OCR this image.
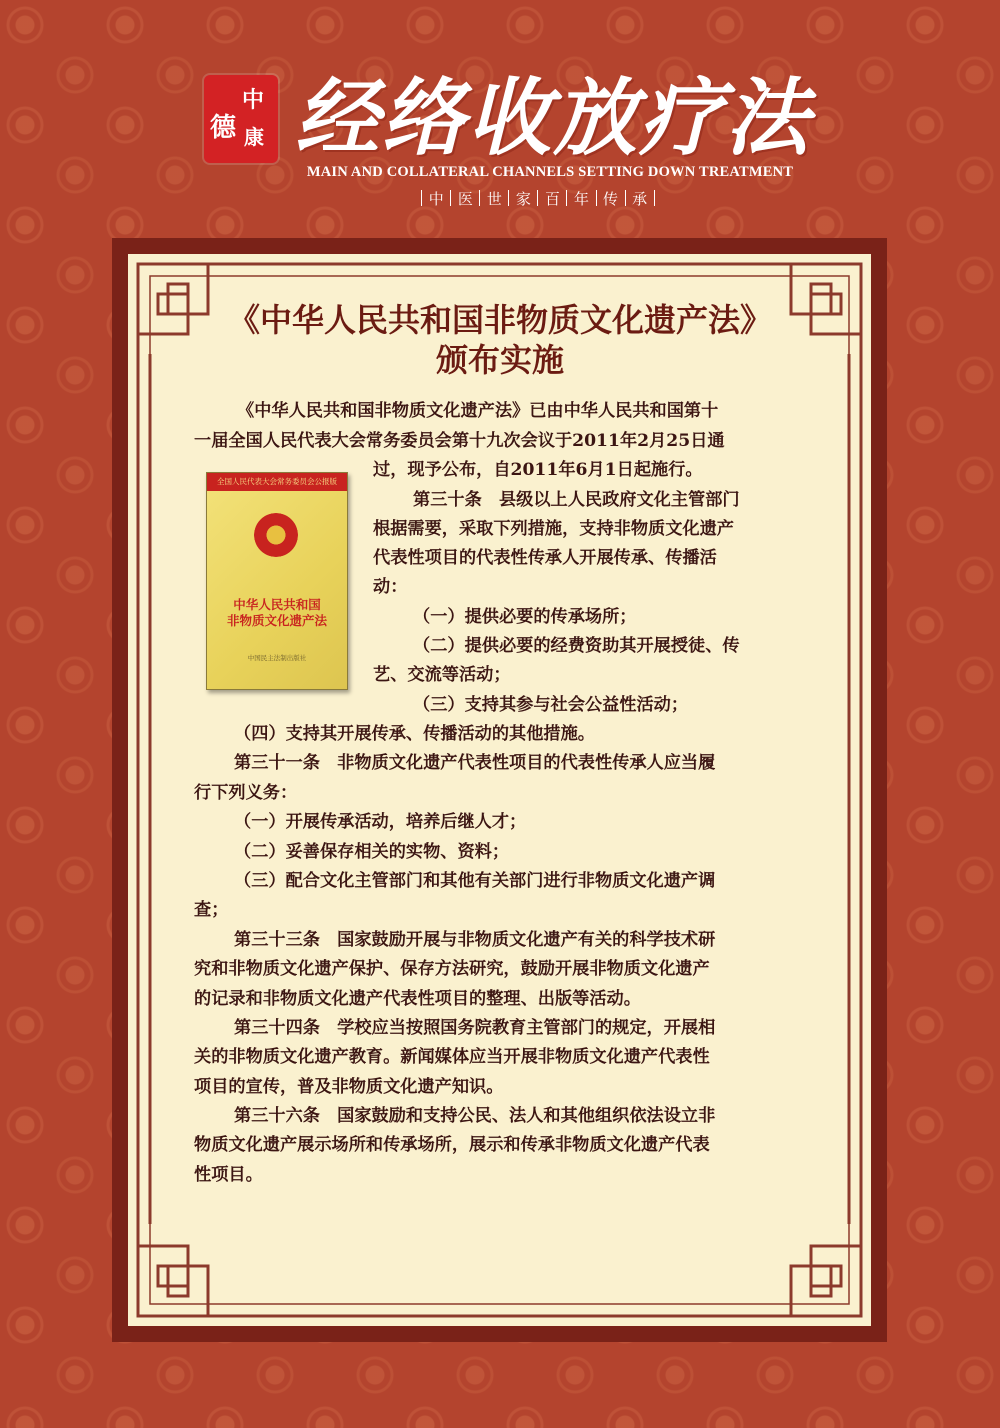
中
德 康 经络收放疗法
MAIN AND COLLATERAL CHANNELS SETTING DOWN TREATMENT
中 医 世 家 百 年 传 承
《中华人民共和国非物质文化遗产法》
颁布实施
全国人民代表大会常务委员会公报版
中华人民共和国
非物质文化遗产法
中国民主法制出版社
《中华人民共和国非物质文化遗产法》已由中华人民共和国第十
一届全国人民代表大会常务委员会第十九次会议于2011年2月25日通
过，现予公布，自2011年6月1日起施行。
第三十条　县级以上人民政府文化主管部门
根据需要，采取下列措施，支持非物质文化遗产
代表性项目的代表性传承人开展传承、传播活
动：
（一）提供必要的传承场所；
（二）提供必要的经费资助其开展授徒、传
艺、交流等活动；
（三）支持其参与社会公益性活动；
（四）支持其开展传承、传播活动的其他措施。
第三十一条　非物质文化遗产代表性项目的代表性传承人应当履
行下列义务：
（一）开展传承活动，培养后继人才；
（二）妥善保存相关的实物、资料；
（三）配合文化主管部门和其他有关部门进行非物质文化遗产调
查；
第三十三条　国家鼓励开展与非物质文化遗产有关的科学技术研
究和非物质文化遗产保护、保存方法研究，鼓励开展非物质文化遗产
的记录和非物质文化遗产代表性项目的整理、出版等活动。
第三十四条　学校应当按照国务院教育主管部门的规定，开展相
关的非物质文化遗产教育。新闻媒体应当开展非物质文化遗产代表性
项目的宣传，普及非物质文化遗产知识。
第三十六条　国家鼓励和支持公民、法人和其他组织依法设立非
物质文化遗产展示场所和传承场所，展示和传承非物质文化遗产代表
性项目。
